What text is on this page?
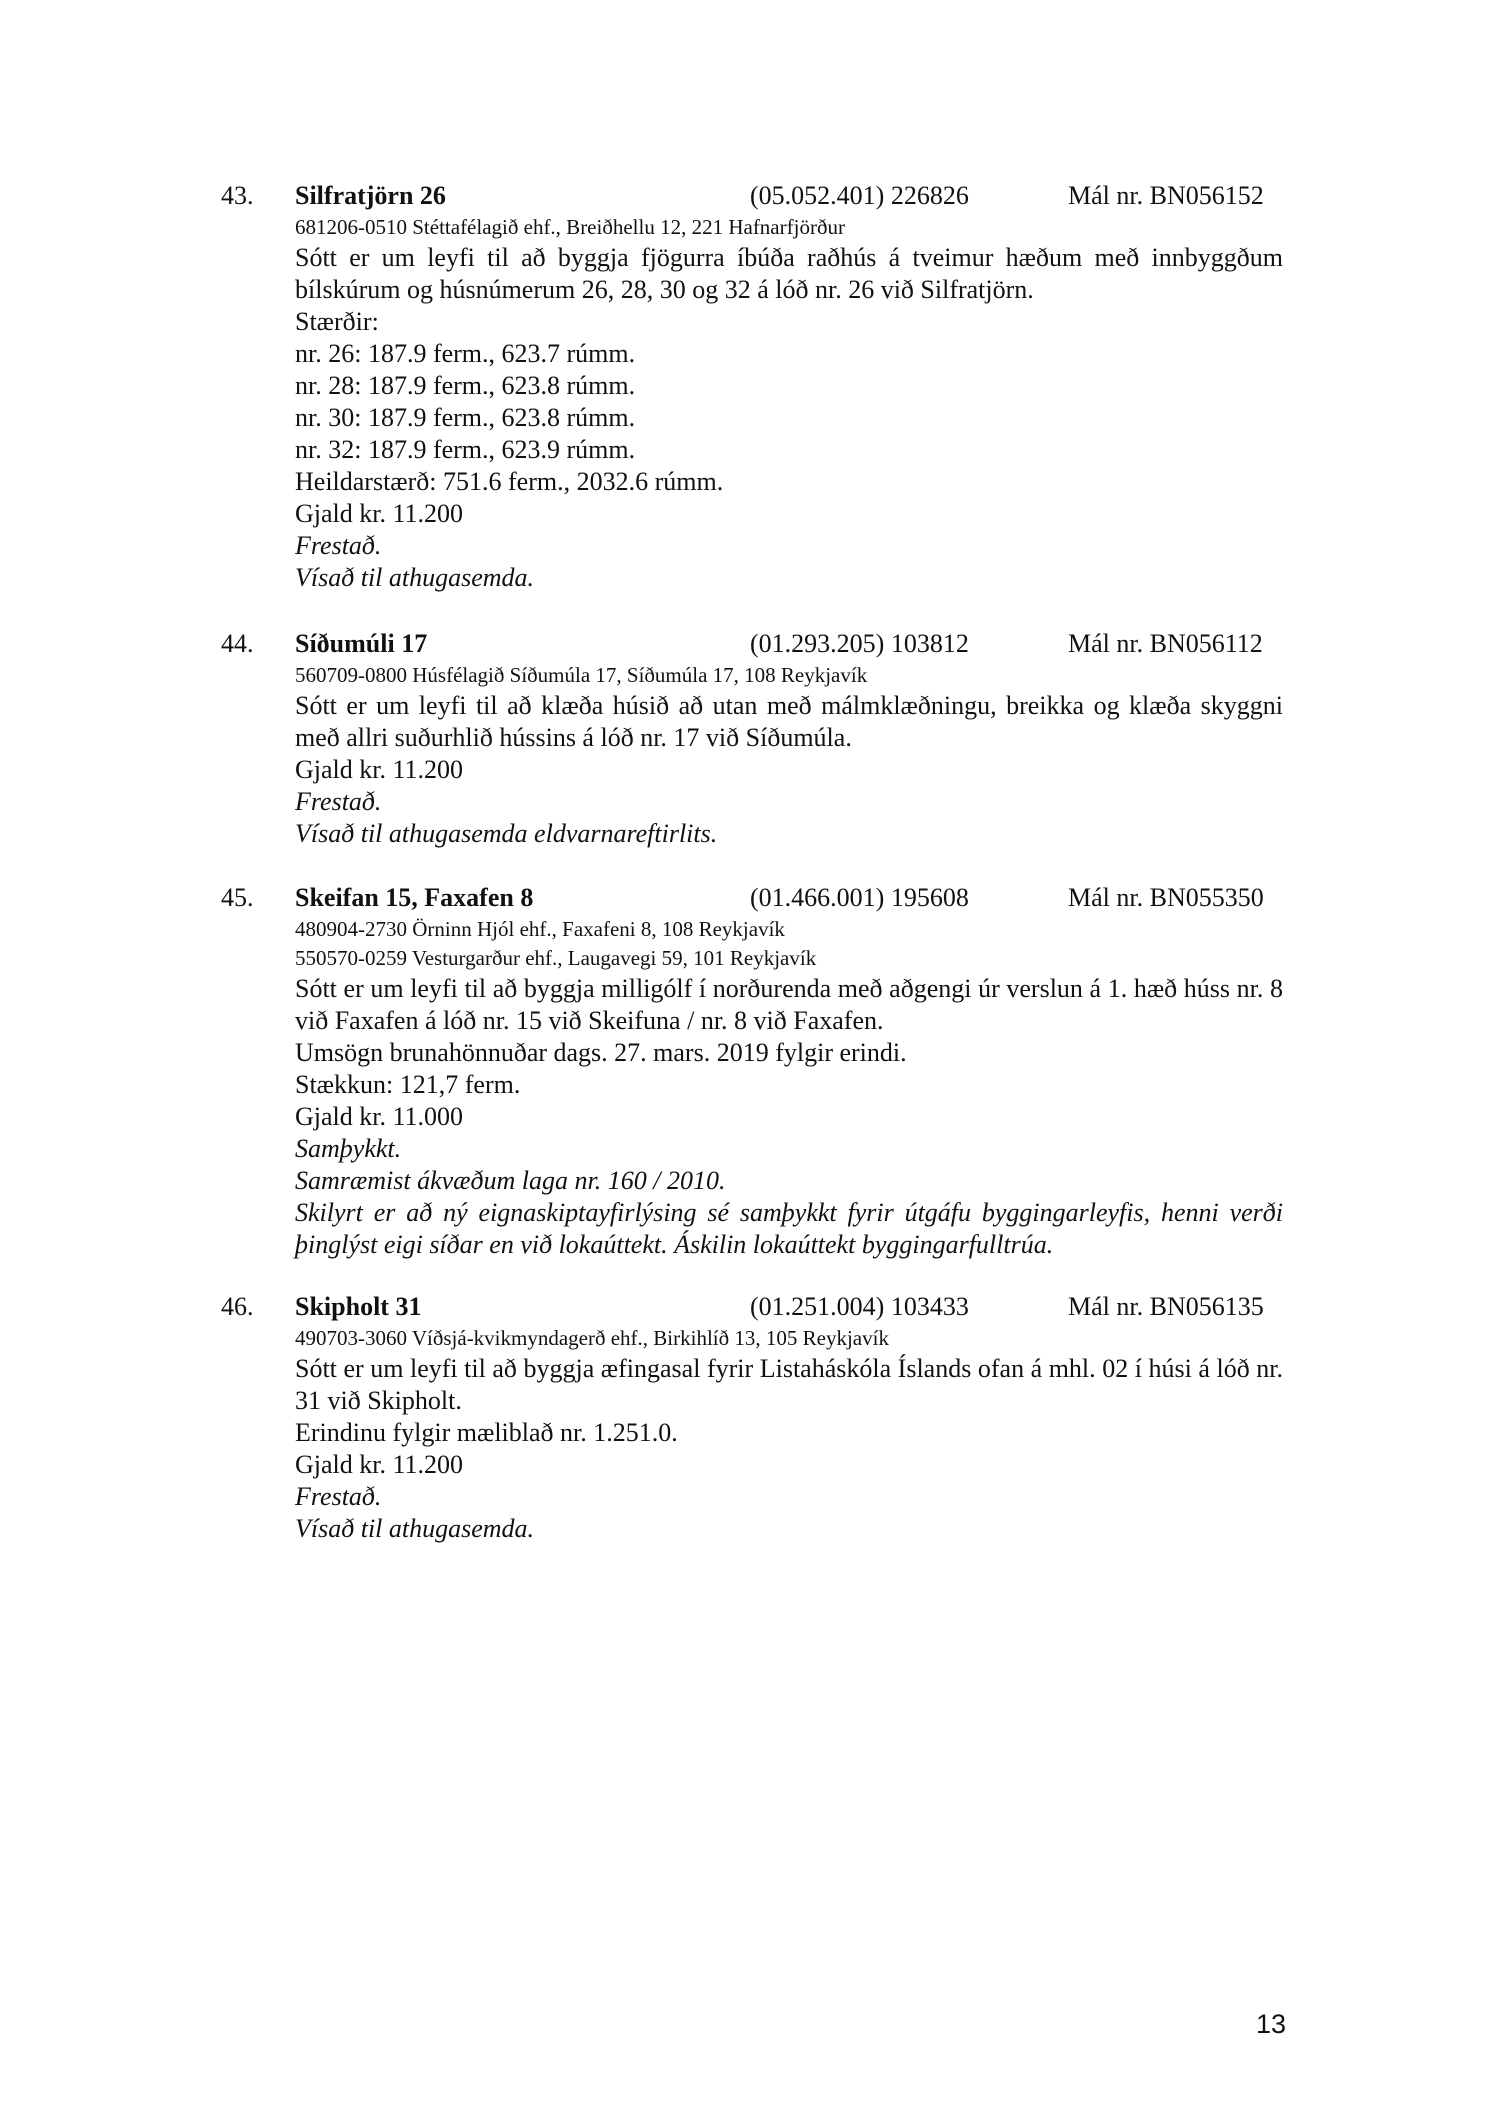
43. Silfratjörn 26	(05.052.401) 226826	Mál nr. BN056152
681206-0510 Stéttafélagið ehf., Breiðhellu 12, 221 Hafnarfjörður
Sótt er um leyfi til að byggja fjögurra íbúða raðhús á tveimur hæðum með innbyggðum bílskúrum og húsnúmerum 26, 28, 30 og 32 á lóð nr. 26 við Silfratjörn.
Stærðir:
nr. 26: 187.9 ferm., 623.7 rúmm.
nr. 28: 187.9 ferm., 623.8 rúmm.
nr. 30: 187.9 ferm., 623.8 rúmm.
nr. 32: 187.9 ferm., 623.9 rúmm.
Heildarstærð: 751.6 ferm., 2032.6 rúmm.
Gjald kr. 11.200
Frestað.
Vísað til athugasemda.
44. Síðumúli 17	(01.293.205) 103812	Mál nr. BN056112
560709-0800 Húsfélagið Síðumúla 17, Síðumúla 17, 108 Reykjavík
Sótt er um leyfi til að klæða húsið að utan með málmklæðningu, breikka og klæða skyggni með allri suðurhlið hússins á lóð nr. 17 við Síðumúla.
Gjald kr. 11.200
Frestað.
Vísað til athugasemda eldvarnareftirlits.
45. Skeifan 15, Faxafen 8	(01.466.001) 195608	Mál nr. BN055350
480904-2730 Örninn Hjól ehf., Faxafeni 8, 108 Reykjavík
550570-0259 Vesturgarður ehf., Laugavegi 59, 101 Reykjavík
Sótt er um leyfi til að byggja milligólf í norðurenda með aðgengi úr verslun á 1. hæð húss nr. 8 við Faxafen á lóð nr. 15 við Skeifuna / nr. 8 við Faxafen.
Umsögn brunahönnuðar dags. 27. mars. 2019 fylgir erindi.
Stækkun: 121,7 ferm.
Gjald kr. 11.000
Samþykkt.
Samræmist ákvæðum laga nr. 160 / 2010.
Skilyrt er að ný eignaskiptayfirlýsing sé samþykkt fyrir útgáfu byggingarleyfis, henni verði þinglýst eigi síðar en við lokaúttekt. Áskilin lokaúttekt byggingarfulltrúa.
46. Skipholt 31	(01.251.004) 103433	Mál nr. BN056135
490703-3060 Víðsjá-kvikmyndagerð ehf., Birkihlíð 13, 105 Reykjavík
Sótt er um leyfi til að byggja æfingasal fyrir Listaháskóla Íslands ofan á mhl. 02 í húsi á lóð nr. 31 við Skipholt.
Erindinu fylgir mæliblað nr. 1.251.0.
Gjald kr. 11.200
Frestað.
Vísað til athugasemda.
13
